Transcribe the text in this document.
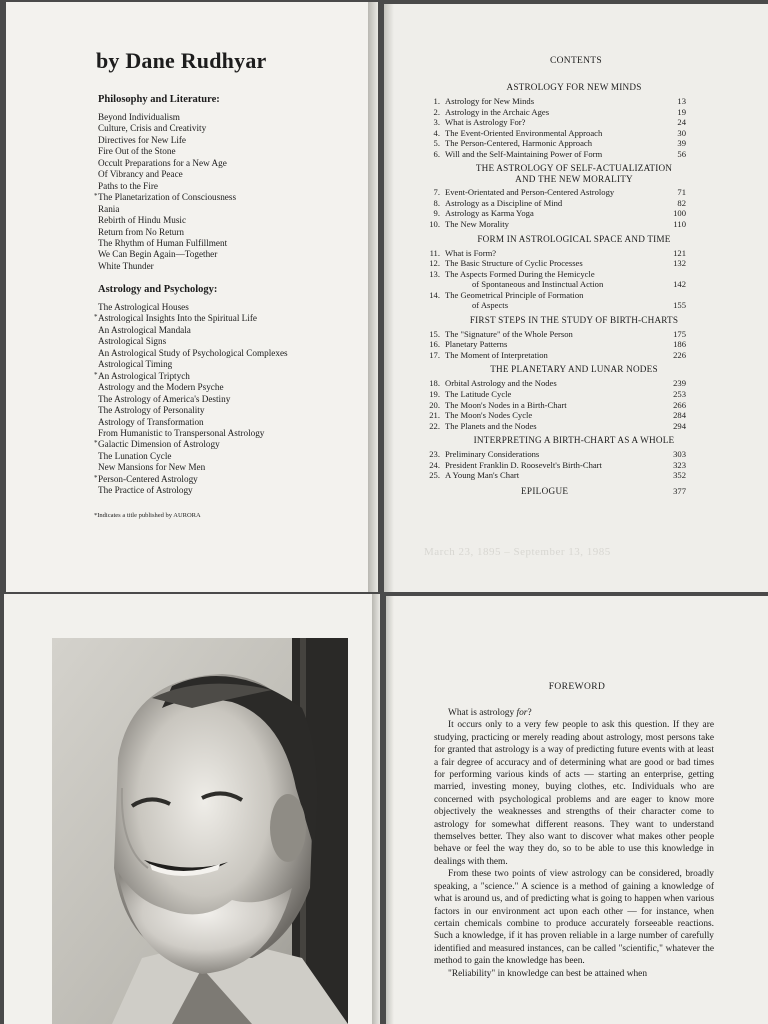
by Dane Rudhyar
Philosophy and Literature:
Beyond Individualism
Culture, Crisis and Creativity
Directives for New Life
Fire Out of the Stone
Occult Preparations for a New Age
Of Vibrancy and Peace
Paths to the Fire
* The Planetarization of Consciousness
Rania
Rebirth of Hindu Music
Return from No Return
The Rhythm of Human Fulfillment
We Can Begin Again—Together
White Thunder
Astrology and Psychology:
The Astrological Houses
* Astrological Insights Into the Spiritual Life
An Astrological Mandala
Astrological Signs
An Astrological Study of Psychological Complexes
Astrological Timing
* An Astrological Triptych
Astrology and the Modern Psyche
The Astrology of America's Destiny
The Astrology of Personality
Astrology of Transformation
From Humanistic to Transpersonal Astrology
* Galactic Dimension of Astrology
The Lunation Cycle
New Mansions for New Men
* Person-Centered Astrology
The Practice of Astrology
*Indicates a title published by AURORA
March 23, 1895 – September 13, 1985
CONTENTS
ASTROLOGY FOR NEW MINDS
1. Astrology for New Minds	13
2. Astrology in the Archaic Ages	19
3. What is Astrology For?	24
4. The Event-Oriented Environmental Approach	30
5. The Person-Centered, Harmonic Approach	39
6. Will and the Self-Maintaining Power of Form	56
THE ASTROLOGY OF SELF-ACTUALIZATION
AND THE NEW MORALITY
7. Event-Orientated and Person-Centered Astrology	71
8. Astrology as a Discipline of Mind	82
9. Astrology as Karma Yoga	100
10. The New Morality	110
FORM IN ASTROLOGICAL SPACE AND TIME
11. What is Form?	121
12. The Basic Structure of Cyclic Processes	132
13. The Aspects Formed During the Hemicycle
of Spontaneous and Instinctual Action	142
14. The Geometrical Principle of Formation
of Aspects	155
FIRST STEPS IN THE STUDY OF BIRTH-CHARTS
15. The "Signature" of the Whole Person	175
16. Planetary Patterns	186
17. The Moment of Interpretation	226
THE PLANETARY AND LUNAR NODES
18. Orbital Astrology and the Nodes	239
19. The Latitude Cycle	253
20. The Moon's Nodes in a Birth-Chart	266
21. The Moon's Nodes Cycle	284
22. The Planets and the Nodes	294
INTERPRETING A BIRTH-CHART AS A WHOLE
23. Preliminary Considerations	303
24. President Franklin D. Roosevelt's Birth-Chart	323
25. A Young Man's Chart	352
EPILOGUE	377
FOREWORD

What is astrology for?

It occurs only to a very few people to ask this question. If they are studying, practicing or merely reading about astrology, most persons take for granted that astrology is a way of predicting future events with at least a fair degree of accuracy and of determining what are good or bad times for performing various kinds of acts — starting an enterprise, getting married, investing money, buying clothes, etc. Individuals who are concerned with psychological problems and are eager to know more objectively the weaknesses and strengths of their character come to astrology for somewhat different reasons. They want to understand themselves better. They also want to discover what makes other people behave or feel the way they do, so to be able to use this knowledge in dealings with them.

From these two points of view astrology can be considered, broadly speaking, a "science." A science is a method of gaining a knowledge of what is around us, and of predicting what is going to happen when various factors in our environment act upon each other — for instance, when certain chemicals combine to produce accurately forseeable reactions. Such a knowledge, if it has proven reliable in a large number of carefully identified and measured instances, can be called "scientific," whatever the method to gain the knowledge has been.

"Reliability" in knowledge can best be attained when
